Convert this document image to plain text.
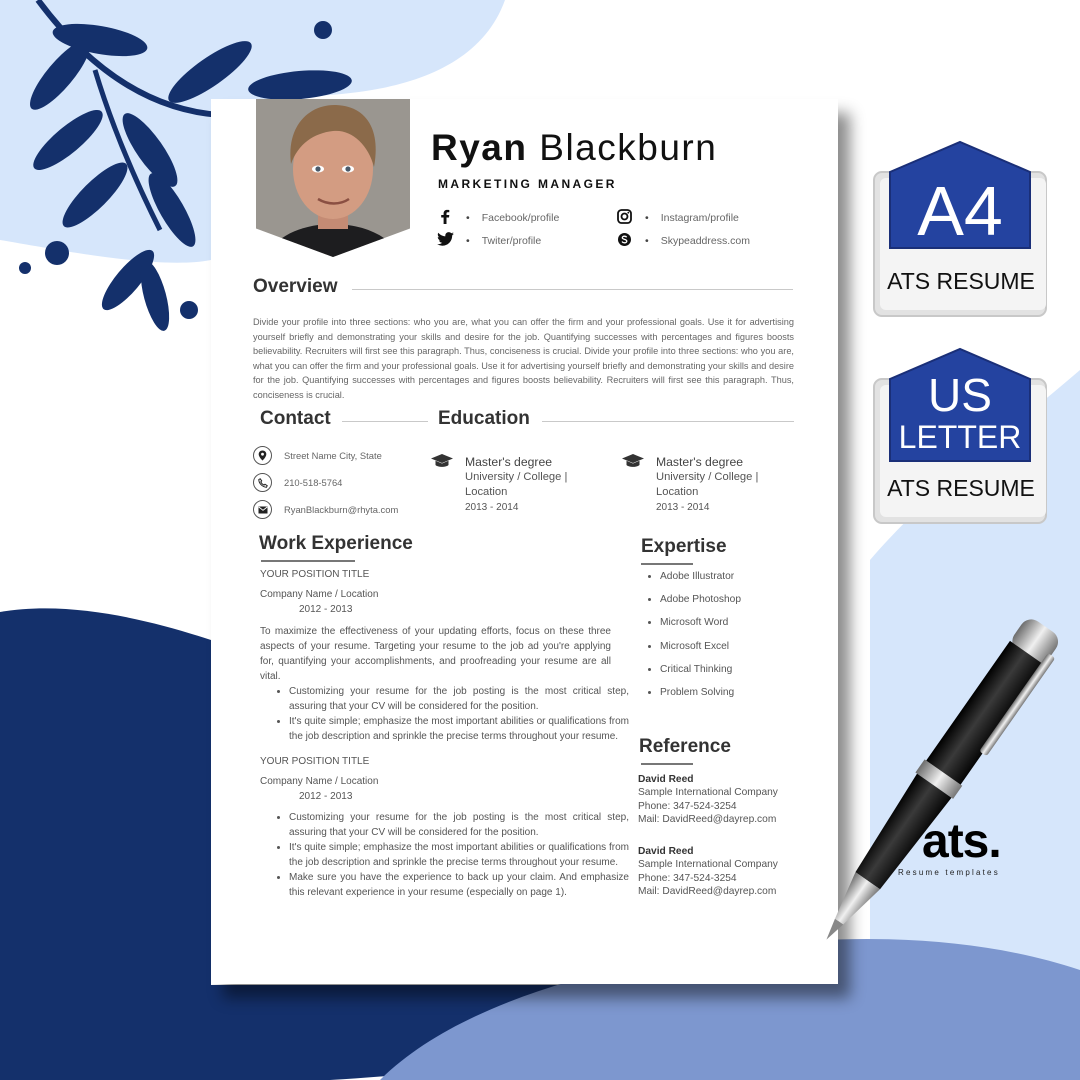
Ryan Blackburn
MARKETING MANAGER
• Facebook/profile
• Twiter/profile
• Instagram/profile
• Skypeaddress.com
Overview
Divide your profile into three sections: who you are, what you can offer the firm and your professional goals. Use it for advertising yourself briefly and demonstrating your skills and desire for the job. Quantifying successes with percentages and figures boosts believability. Recruiters will first see this paragraph. Thus, conciseness is crucial. Divide your profile into three sections: who you are, what you can offer the firm and your professional goals. Use it for advertising yourself briefly and demonstrating your skills and desire for the job. Quantifying successes with percentages and figures boosts believability. Recruiters will first see this paragraph. Thus, conciseness is crucial.
Contact
Street Name City, State
210-518-5764
RyanBlackburn@rhyta.com
Education
Master's degree
University / College |
Location
2013 - 2014
Master's degree
University / College |
Location
2013 - 2014
Work Experience
YOUR POSITION TITLE
Company Name / Location
2012 - 2013
To maximize the effectiveness of your updating efforts, focus on these three aspects of your resume. Targeting your resume to the job ad you're applying for, quantifying your accomplishments, and proofreading your resume are all vital.
• Customizing your resume for the job posting is the most critical step, assuring that your CV will be considered for the position.
• It's quite simple; emphasize the most important abilities or qualifications from the job description and sprinkle the precise terms throughout your resume.
YOUR POSITION TITLE
Company Name / Location
2012 - 2013
• Customizing your resume for the job posting is the most critical step, assuring that your CV will be considered for the position.
• It's quite simple; emphasize the most important abilities or qualifications from the job description and sprinkle the precise terms throughout your resume.
• Make sure you have the experience to back up your claim. And emphasize this relevant experience in your resume (especially on page 1).
Expertise
• Adobe Illustrator
• Adobe Photoshop
• Microsoft Word
• Microsoft Excel
• Critical Thinking
• Problem Solving
Reference
David Reed
Sample International Company
Phone: 347-524-3254
Mail: DavidReed@dayrep.com
David Reed
Sample International Company
Phone: 347-524-3254
Mail: DavidReed@dayrep.com
A4
ATS RESUME
US
LETTER
ATS RESUME
ats.
Resume templates
